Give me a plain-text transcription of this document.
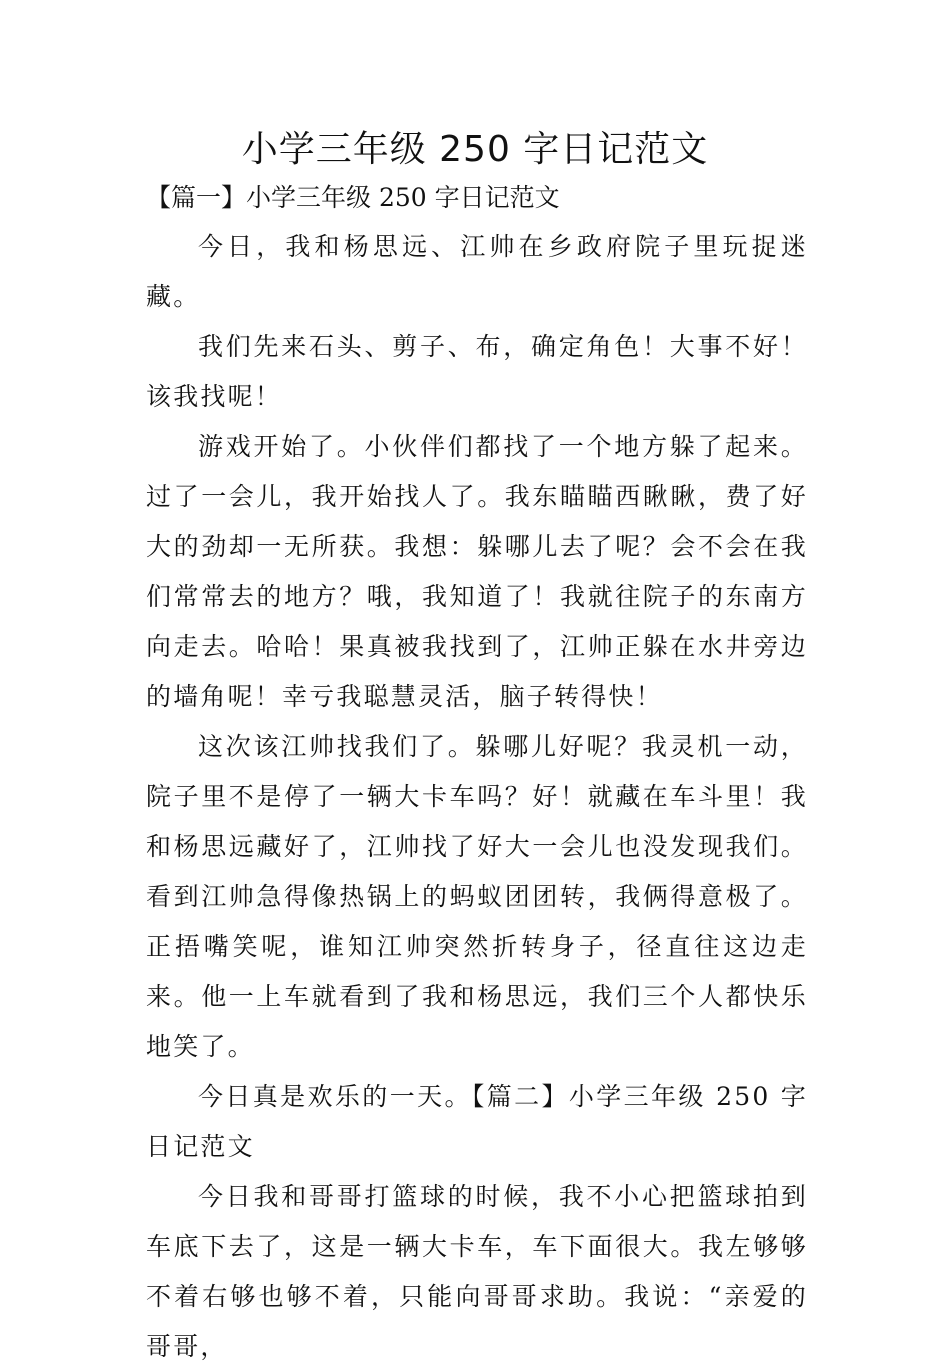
小学三年级 250 字日记范文
【篇一】小学三年级 250 字日记范文

今日，我和杨思远、江帅在乡政府院子里玩捉迷藏。

我们先来石头、剪子、布，确定角色！大事不好！该我找呢！

游戏开始了。小伙伴们都找了一个地方躲了起来。过了一会儿，我开始找人了。我东瞄瞄西瞅瞅，费了好大的劲却一无所获。我想：躲哪儿去了呢？会不会在我们常常去的地方？哦，我知道了！我就往院子的东南方向走去。哈哈！果真被我找到了，江帅正躲在水井旁边的墙角呢！幸亏我聪慧灵活，脑子转得快！

这次该江帅找我们了。躲哪儿好呢？我灵机一动，院子里不是停了一辆大卡车吗？好！就藏在车斗里！我和杨思远藏好了，江帅找了好大一会儿也没发现我们。看到江帅急得像热锅上的蚂蚁团团转，我俩得意极了。正捂嘴笑呢，谁知江帅突然折转身子，径直往这边走来。他一上车就看到了我和杨思远，我们三个人都快乐地笑了。

今日真是欢乐的一天。【篇二】小学三年级 250 字日记范文

今日我和哥哥打篮球的时候，我不小心把篮球拍到车底下去了，这是一辆大卡车，车下面很大。我左够够不着右够也够不着，只能向哥哥求助。我说：“亲爱的哥哥，
